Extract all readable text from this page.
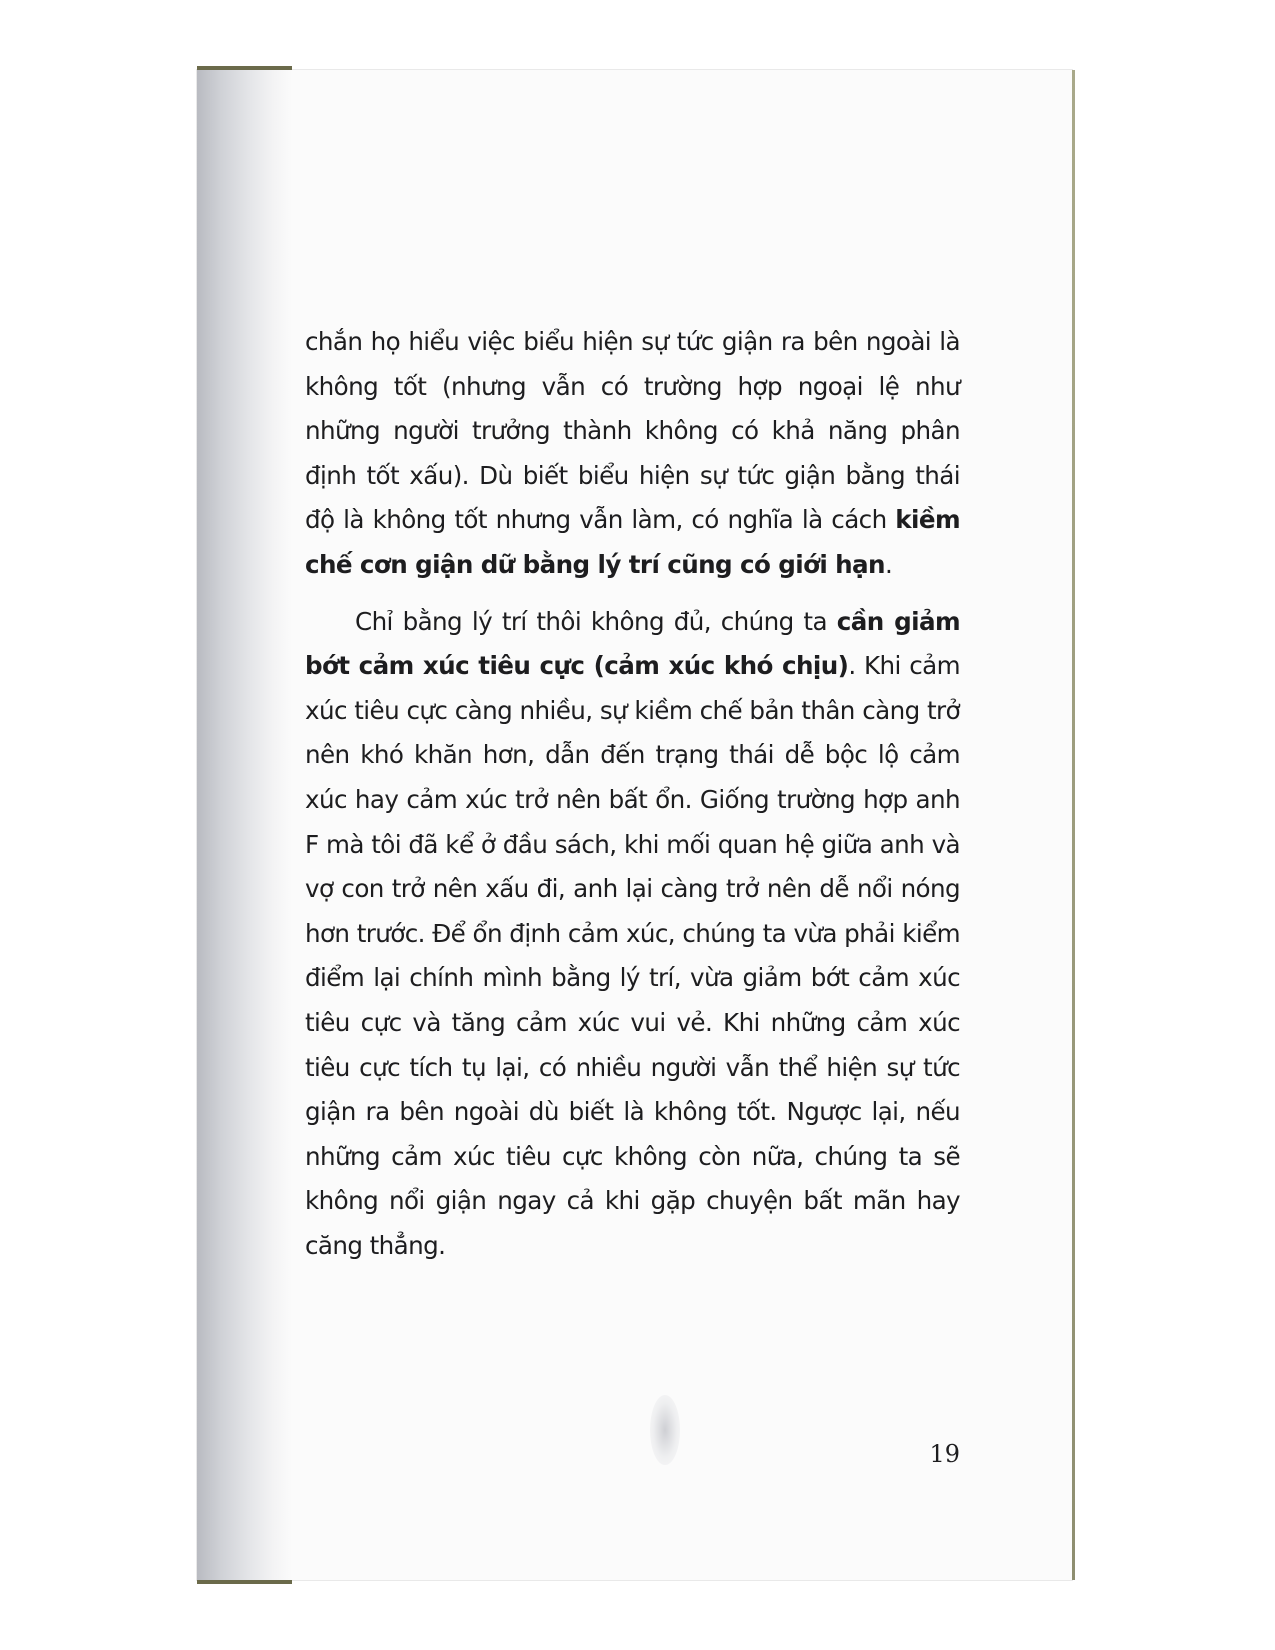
chắn họ hiểu việc biểu hiện sự tức giận ra bên ngoài là không tốt (nhưng vẫn có trường hợp ngoại lệ như những người trưởng thành không có khả năng phân định tốt xấu). Dù biết biểu hiện sự tức giận bằng thái độ là không tốt nhưng vẫn làm, có nghĩa là cách kiềm chế cơn giận dữ bằng lý trí cũng có giới hạn.

Chỉ bằng lý trí thôi không đủ, chúng ta cần giảm bớt cảm xúc tiêu cực (cảm xúc khó chịu). Khi cảm xúc tiêu cực càng nhiều, sự kiềm chế bản thân càng trở nên khó khăn hơn, dẫn đến trạng thái dễ bộc lộ cảm xúc hay cảm xúc trở nên bất ổn. Giống trường hợp anh F mà tôi đã kể ở đầu sách, khi mối quan hệ giữa anh và vợ con trở nên xấu đi, anh lại càng trở nên dễ nổi nóng hơn trước. Để ổn định cảm xúc, chúng ta vừa phải kiểm điểm lại chính mình bằng lý trí, vừa giảm bớt cảm xúc tiêu cực và tăng cảm xúc vui vẻ. Khi những cảm xúc tiêu cực tích tụ lại, có nhiều người vẫn thể hiện sự tức giận ra bên ngoài dù biết là không tốt. Ngược lại, nếu những cảm xúc tiêu cực không còn nữa, chúng ta sẽ không nổi giận ngay cả khi gặp chuyện bất mãn hay căng thẳng.

19
